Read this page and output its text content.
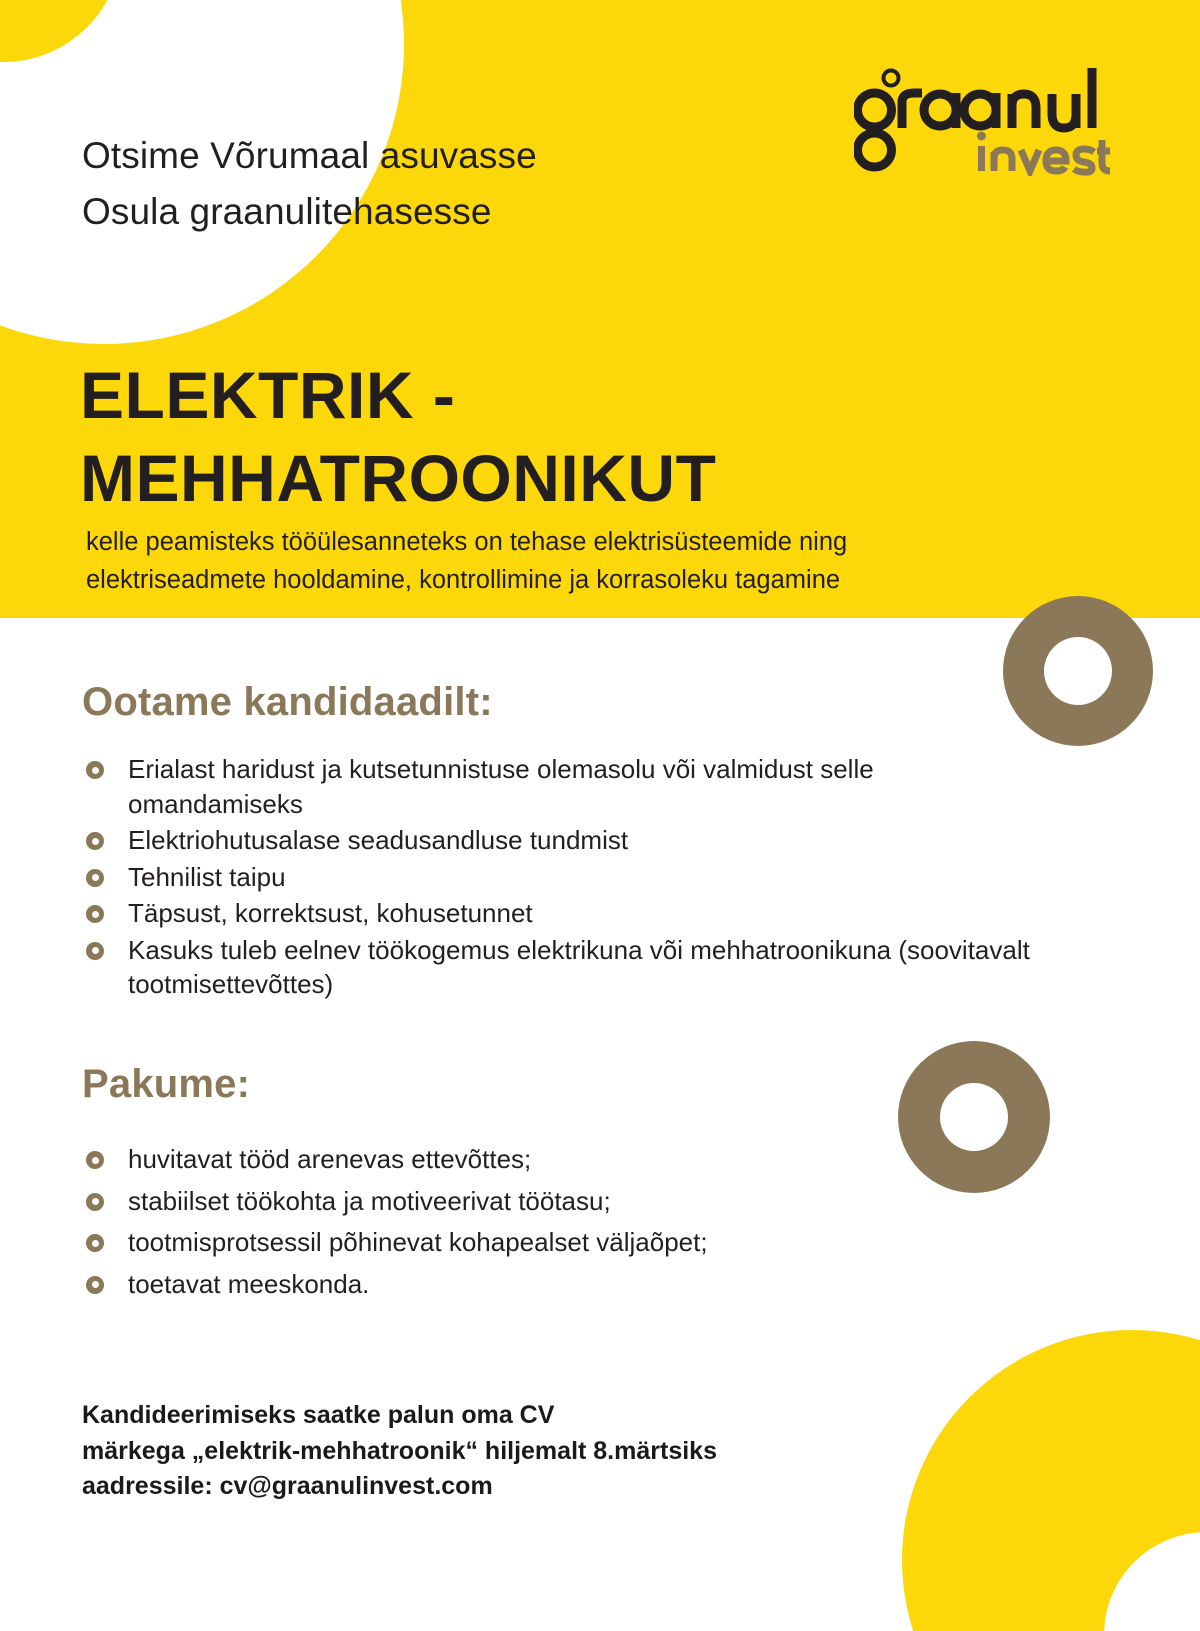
Otsime Võrumaal asuvasse
Osula graanulitehasesse
ELEKTRIK - MEHHATROONIKUT
kelle peamisteks tööülesanneteks on tehase elektrisüsteemide ning
elektriseadmete hooldamine, kontrollimine ja korrasoleku tagamine
Ootame kandidaadilt:
Erialast haridust ja kutsetunnistuse olemasolu või valmidust selle omandamiseks
Elektriohutusalase seadusandluse tundmist
Tehnilist taipu
Täpsust, korrektsust, kohusetunnet
Kasuks tuleb eelnev töökogemus elektrikuna või mehhatroonikuna (soovitavalt tootmisettevõttes)
Pakume:
huvitavat tööd arenevas ettevõttes;
stabiilset töökohta ja motiveerivat töötasu;
tootmisprotsessil põhinevat kohapealset väljaõpet;
toetavat meeskonda.
Kandideerimiseks saatke palun oma CV
märkega „elektrik-mehhatroonik“ hiljemalt 8.märtsiks
aadressile: cv@graanulinvest.com
